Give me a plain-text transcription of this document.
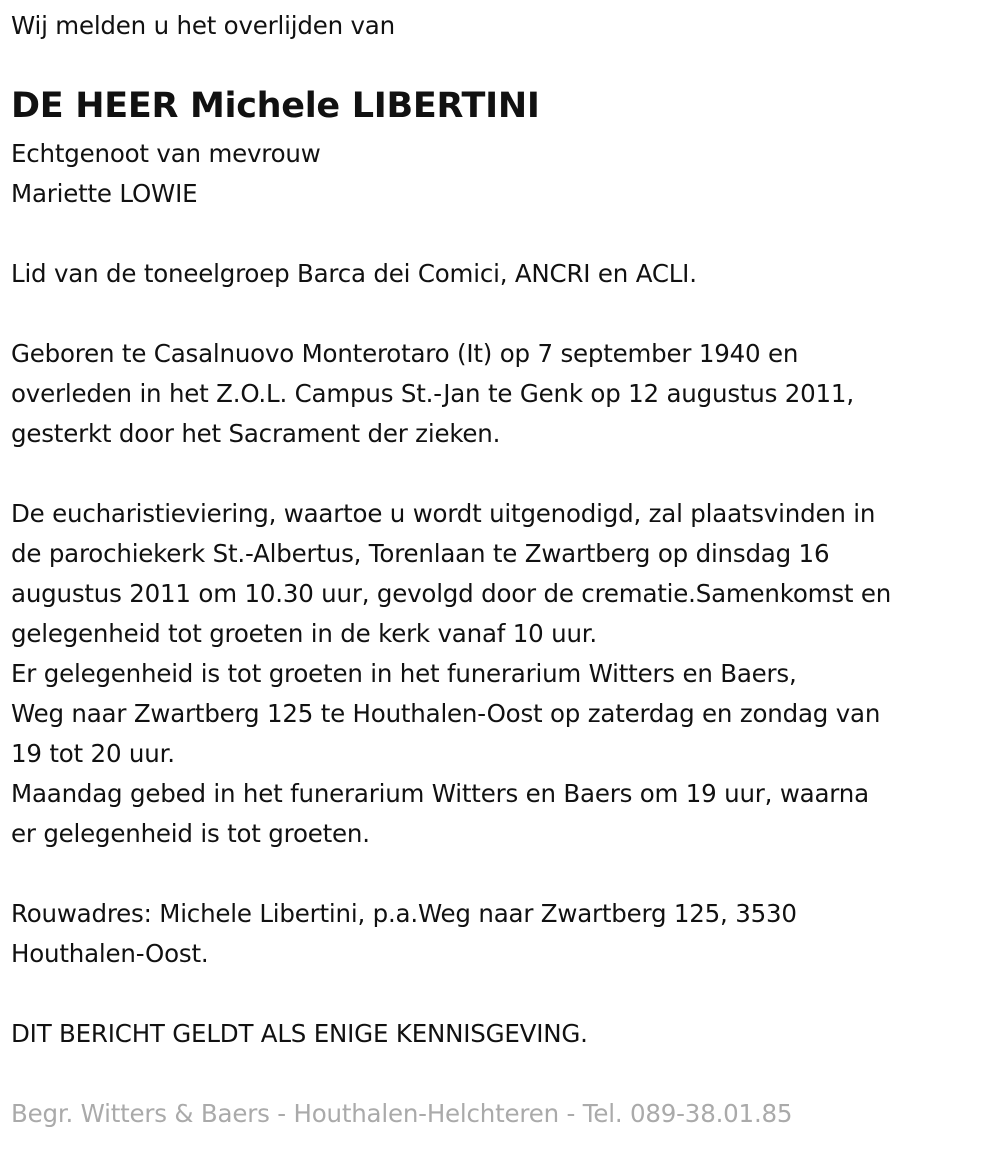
Wij melden u het overlijden van
DE HEER Michele LIBERTINI
Echtgenoot van mevrouw
Mariette LOWIE
Lid van de toneelgroep Barca dei Comici, ANCRI en ACLI.
Geboren te Casalnuovo Monterotaro (It) op 7 september 1940 en
overleden in het Z.O.L. Campus St.-Jan te Genk op 12 augustus 2011,
gesterkt door het Sacrament der zieken.
De eucharistieviering, waartoe u wordt uitgenodigd, zal plaatsvinden in
de parochiekerk St.-Albertus, Torenlaan te Zwartberg op dinsdag 16
augustus 2011 om 10.30 uur, gevolgd door de crematie.Samenkomst en
gelegenheid tot groeten in de kerk vanaf 10 uur.
Er gelegenheid is tot groeten in het funerarium Witters en Baers,
Weg naar Zwartberg 125 te Houthalen-Oost op zaterdag en zondag van
19 tot 20 uur.
Maandag gebed in het funerarium Witters en Baers om 19 uur, waarna
er gelegenheid is tot groeten.
Rouwadres: Michele Libertini, p.a.Weg naar Zwartberg 125, 3530
Houthalen-Oost.
DIT BERICHT GELDT ALS ENIGE KENNISGEVING.
Begr. Witters & Baers - Houthalen-Helchteren - Tel. 089-38.01.85
